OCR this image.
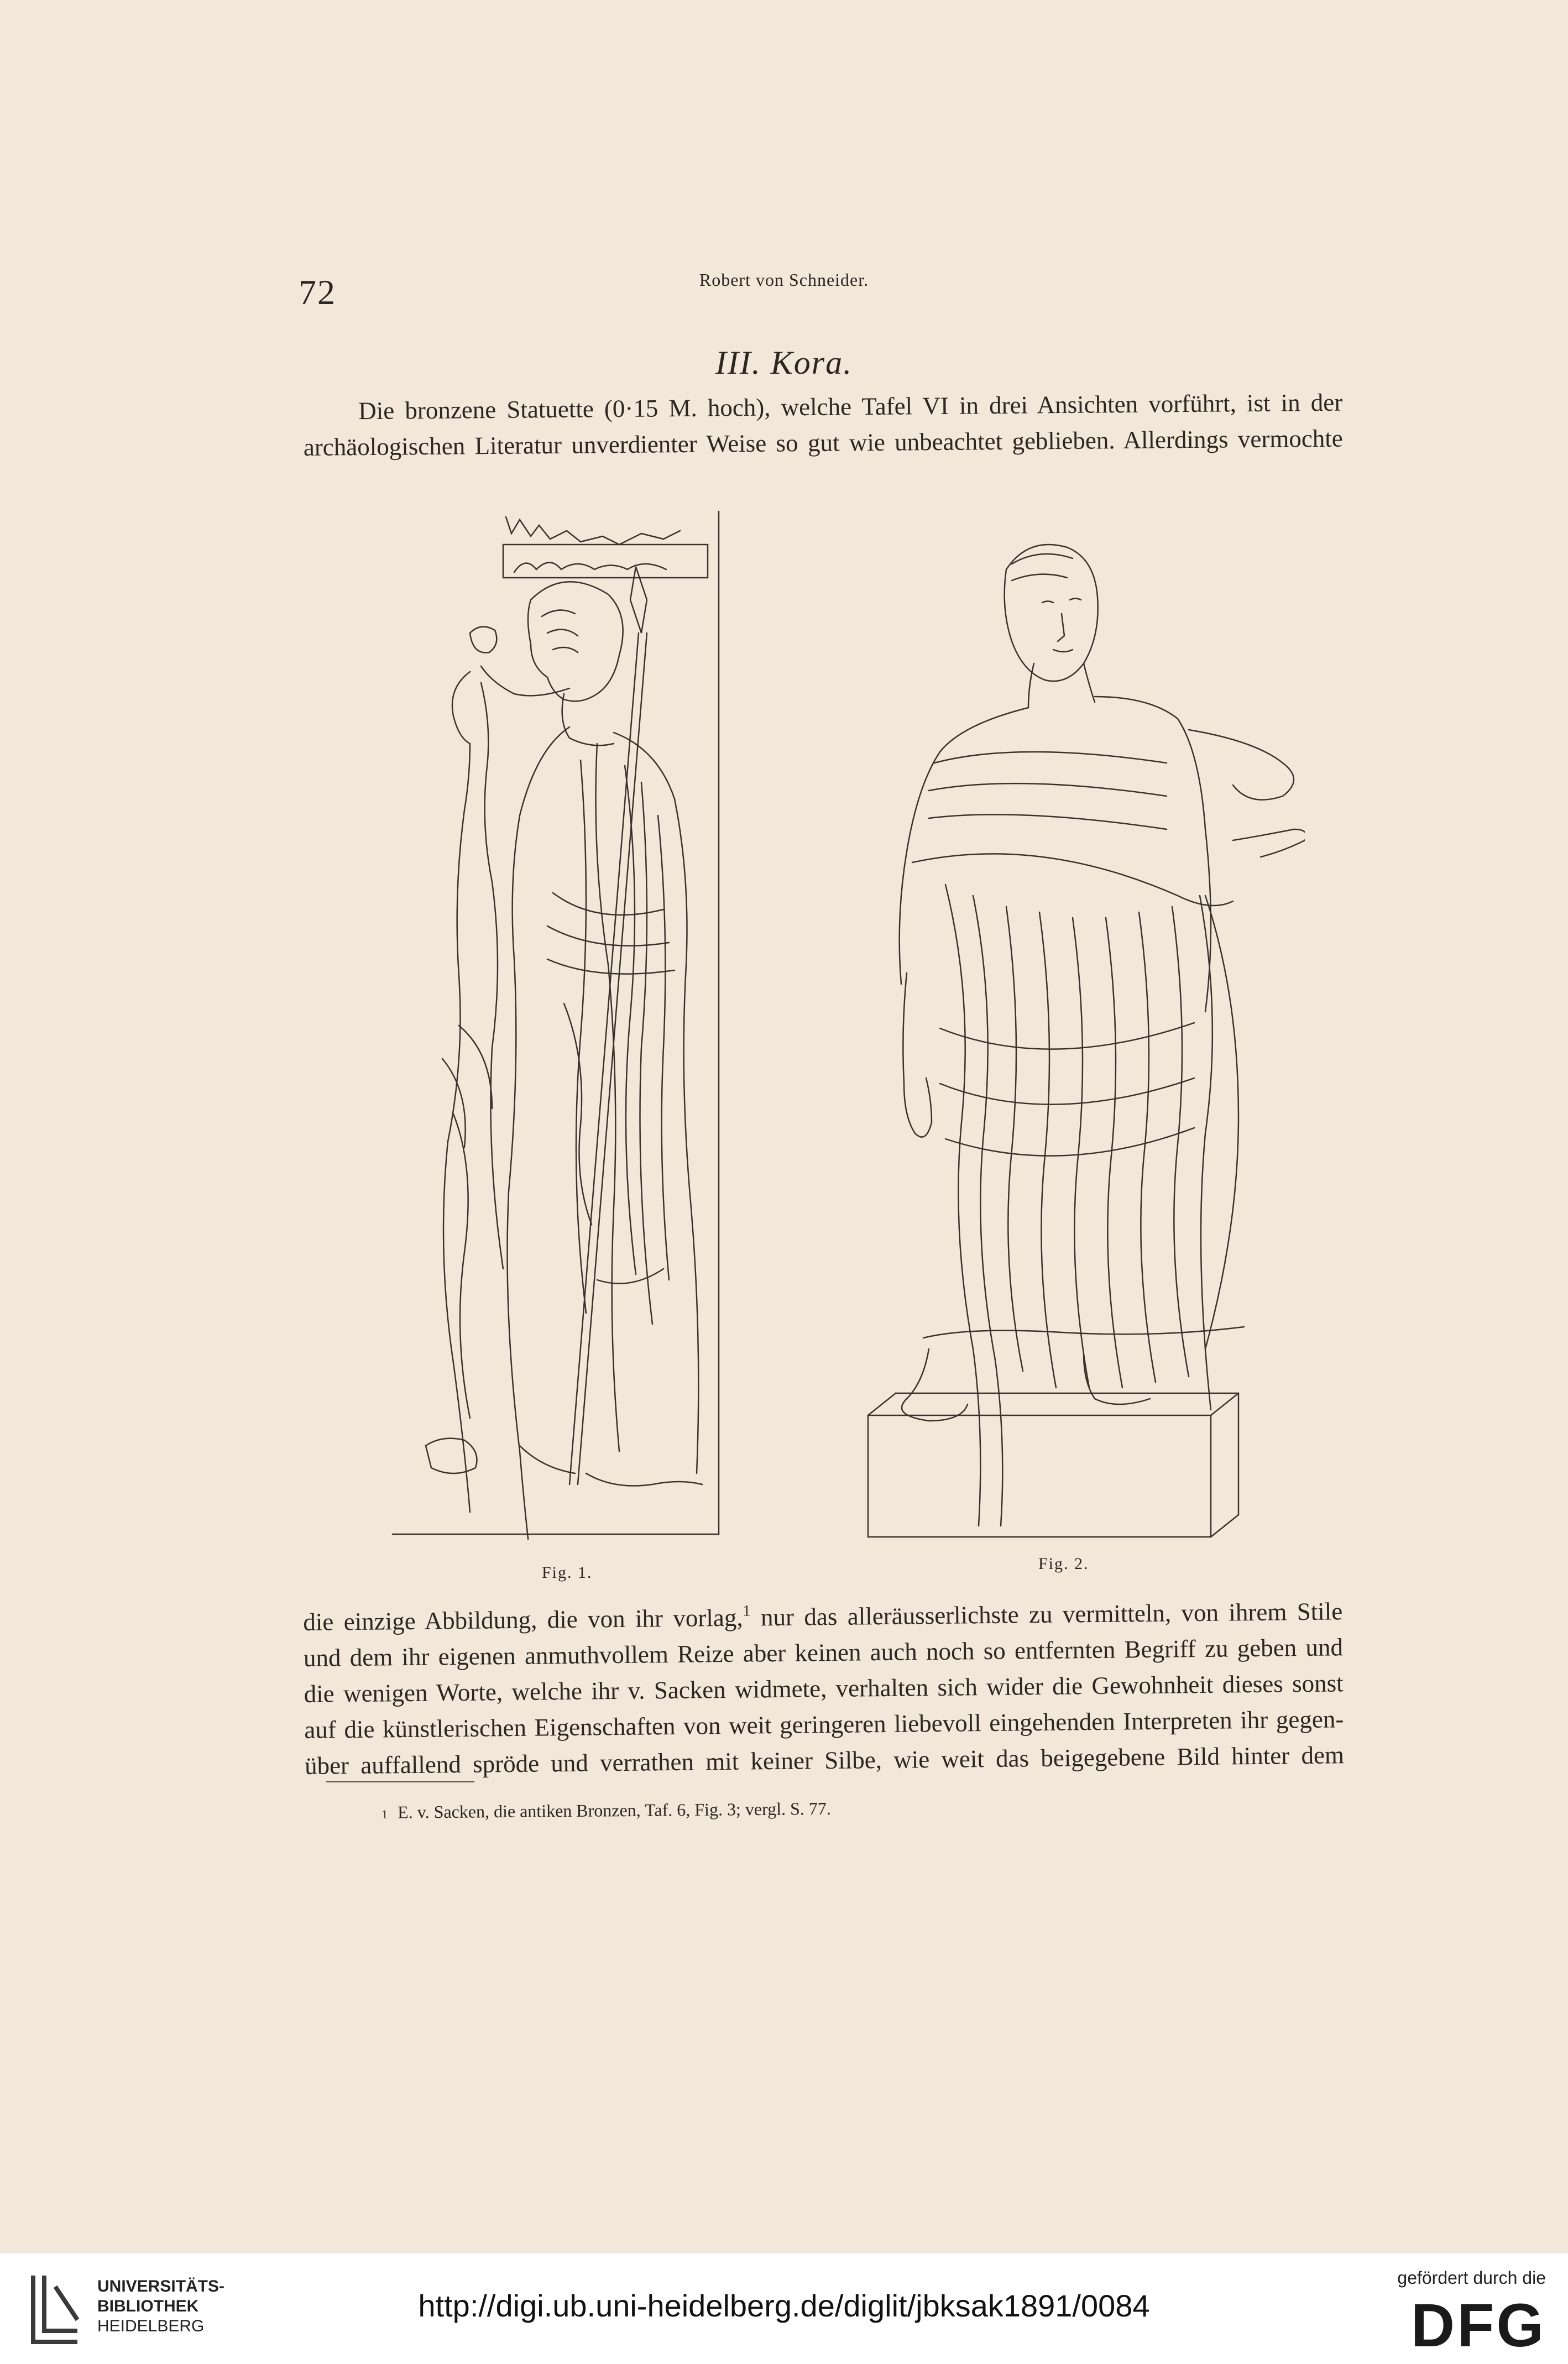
72	Robert von Schneider.
III. Kora.

Die bronzene Statuette (0·15 M. hoch), welche Tafel VI in drei Ansichten vorführt, ist in der

archäologischen Literatur unverdienter Weise so gut wie unbeachtet geblieben. Allerdings vermochte

Fig. 1.	Fig. 2.

die einzige Abbildung, die von ihr vorlag,$^1$ nur das alleräusserlichste zu vermitteln, von ihrem Stile

und dem ihr eigenen anmuthvollem Reize aber keinen auch noch so entfernten Begriff zu geben und

die wenigen Worte, welche ihr v. Sacken widmete, verhalten sich wider die Gewohnheit dieses sonst

auf die künstlerischen Eigenschaften von weit geringeren liebevoll eingehenden Interpreten ihr gegen-

über auffallend spröde und verrathen mit keiner Silbe, wie weit das beigegebene Bild hinter dem

1 E. v. Sacken, die antiken Bronzen, Taf. 6, Fig. 3; vergl. S. 77.
UNIVERSITÄTS-
BIBLIOTHEK
HEIDELBERG
http://digi.ub.uni-heidelberg.de/diglit/jbksak1891/0084
gefördert durch die
DFG
